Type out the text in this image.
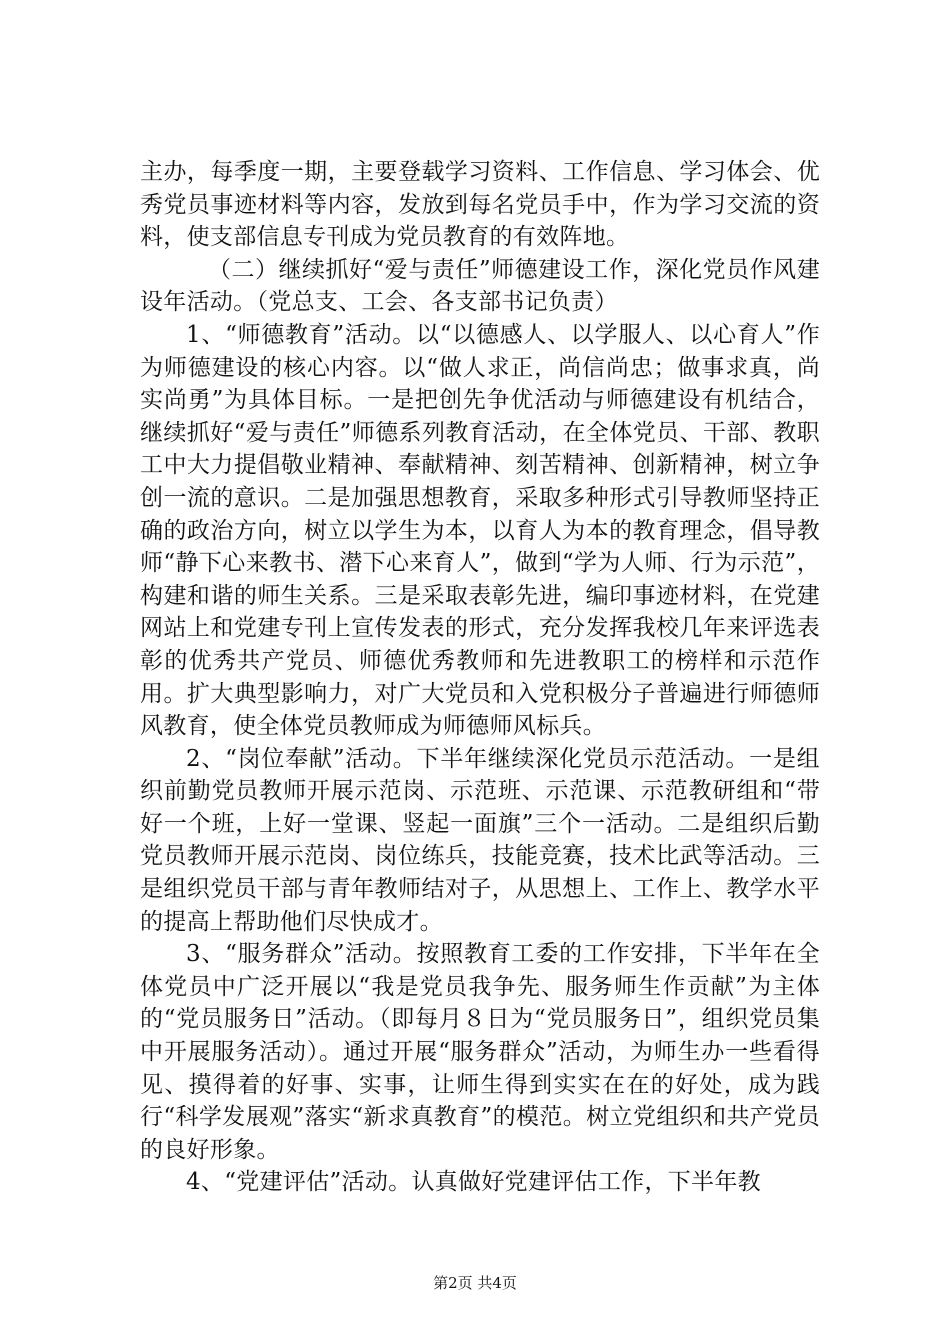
主办，每季度一期，主要登载学习资料、工作信息、学习体会、优秀党员事迹材料等内容，发放到每名党员手中，作为学习交流的资料，使支部信息专刊成为党员教育的有效阵地。

（二）继续抓好“爱与责任”师德建设工作，深化党员作风建设年活动。（党总支、工会、各支部书记负责）

1、“师德教育”活动。以“以德感人、以学服人、以心育人”作为师德建设的核心内容。以“做人求正，尚信尚忠；做事求真，尚实尚勇”为具体目标。一是把创先争优活动与师德建设有机结合，继续抓好“爱与责任”师德系列教育活动，在全体党员、干部、教职工中大力提倡敬业精神、奉献精神、刻苦精神、创新精神，树立争创一流的意识。二是加强思想教育，采取多种形式引导教师坚持正确的政治方向，树立以学生为本，以育人为本的教育理念，倡导教师“静下心来教书、潜下心来育人”，做到“学为人师、行为示范”，构建和谐的师生关系。三是采取表彰先进，编印事迹材料，在党建网站上和党建专刊上宣传发表的形式，充分发挥我校几年来评选表彰的优秀共产党员、师德优秀教师和先进教职工的榜样和示范作用。扩大典型影响力，对广大党员和入党积极分子普遍进行师德师风教育，使全体党员教师成为师德师风标兵。

2、“岗位奉献”活动。下半年继续深化党员示范活动。一是组织前勤党员教师开展示范岗、示范班、示范课、示范教研组和“带好一个班，上好一堂课、竖起一面旗”三个一活动。二是组织后勤党员教师开展示范岗、岗位练兵，技能竞赛，技术比武等活动。三是组织党员干部与青年教师结对子，从思想上、工作上、教学水平的提高上帮助他们尽快成才。

3、“服务群众”活动。按照教育工委的工作安排，下半年在全体党员中广泛开展以“我是党员我争先、服务师生作贡献”为主体的“党员服务日”活动。（即每月８日为“党员服务日”，组织党员集中开展服务活动）。通过开展“服务群众”活动，为师生办一些看得见、摸得着的好事、实事，让师生得到实实在在的好处，成为践行“科学发展观”落实“新求真教育”的模范。树立党组织和共产党员的良好形象。

4、“党建评估”活动。认真做好党建评估工作，下半年教

第2页 共4页
